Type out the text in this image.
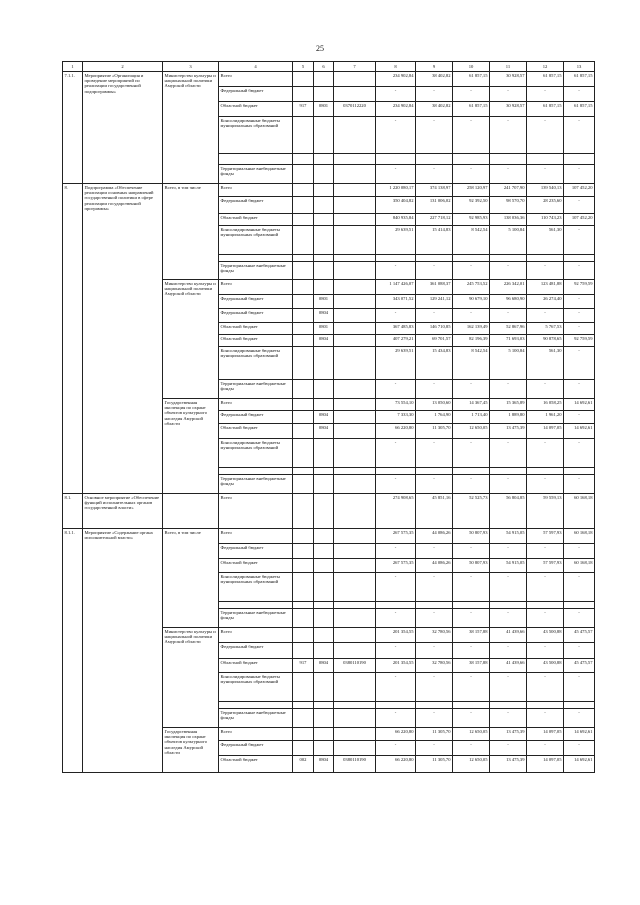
25
1	2	3	4	5	6	7	8	9	10	11	12	13
7.1.1.	Мероприятие «Организация и проведение мероприятий по реализации государственной подпрограммы»	Министерство культуры и национальной политики Амурской области	Всего				234 902,84	38 402,82	61 857,15	30 928,57	61 857,15	61 857,15
			Федеральный бюджет				-	-	-	-	-	-
			Областной бюджет	917	0801	0370112220	234 902,84	38 402,82	61 857,15	30 928,57	61 857,15	61 857,15
			Консолидированные бюджеты муниципальных образований				-	-	-	-	-	-

			Территориальные внебюджетные фонды				-	-	-	-	-	-
8.	Подпрограмма «Обеспечение реализации основных направлений государственной политики в сфере реализации государственной программы»	Всего, в том числе	Всего				1 220 080,17	374 138,97	258 120,97	241 707,90	139 540,13	107 452,20
			Федеральный бюджет				350 404,82	131 006,02	92 392,50	98 570,70	28 235,60	-
			Областной бюджет				840 935,84	227 718,12	92 985,93	138 036,36	110 743,23	107 452,20
			Консолидированные бюджеты муниципальных образований				29 639,51	15 414,83	8 542,54	5 100,84	561,30	-

			Территориальные внебюджетные фонды				-	-	-	-	-	-
		Министерство культуры и национальной политики Амурской области	Всего				1 147 426,07	361 088,37	245 753,52	226 342,01	123 481,88	92 759,59
			Федеральный бюджет		0801		343 071,52	129 241,12	90 679,10	96 680,90	26 274,40	-
			Федеральный бюджет		0804		-	-	-	-	-	-
			Областной бюджет		0801		367 485,83	146 710,85	162 139,49	52 867,96	5 767,53	-
			Областной бюджет		0804		407 279,21	69 701,57	82 196,39	71 693,03	90 878,65	92 759,59
			Консолидированные бюджеты муниципальных образований				29 639,51	15 434,83	8 542,54	5 100,84	561,30	-
			Территориальные внебюджетные фонды				-	-	-	-	-	-
		Государственная инспекция по охране объектов культурного наследия Амурской области	Всего				73 554,10	13 050,60	14 367,45	15 365,89	16 058,25	14 692,61
			Федеральный бюджет		0804		7 333,30	1 764,90	1 713,40	1 889,80	1 961,20	-
			Областной бюджет		0804		66 220,80	11 305,70	12 650,05	13 475,39	14 097,05	14 692,61
			Консолидированные бюджеты муниципальных образований				-	-	-	-	-	-

			Территориальные внебюджетные фонды				-	-	-	-	-	-
8.1.	Основное мероприятие «Обеспечение функций исполнительных органов государственной власти»		Всего				274 908,65	45 851,16	52 525,73	56 804,85	59 559,13	60 168,18
8.1.1.	Мероприятие «Содержание органа исполнительной власти»	Всего, в том числе	Всего				267 575,35	44 086,26	50 807,93	54 915,05	57 597,93	60 168,18
			Федеральный бюджет				-	-	-	-	-	-
			Областной бюджет				267 575,35	44 086,26	50 807,93	54 915,05	57 597,93	60 168,18
			Консолидированные бюджеты муниципальных образований				-	-	-	-	-	-

			Территориальные внебюджетные фонды				-	-	-	-	-	-
		Министерство культуры и национальной политики Амурской области	Всего				201 354,55	32 780,56	38 157,88	41 439,66	43 500,88	45 475,57
			Федеральный бюджет				-	-	-	-	-	-
			Областной бюджет	917	0804	0380110190	201 354,55	32 780,56	38 157,88	41 439,66	43 500,88	45 475,57
			Консолидированные бюджеты муниципальных образований				-	-	-	-	-	-

			Территориальные внебюджетные фонды				-	-	-	-	-	-
		Государственная инспекция по охране объектов культурного наследия Амурской области	Всего				66 220,80	11 305,70	12 650,05	13 475,39	14 097,05	14 692,61
			Федеральный бюджет				-	-	-	-	-	-
			Областной бюджет	002	0804	0380110190	66 220,80	11 305,70	12 650,05	13 475,39	14 097,05	14 692,61
